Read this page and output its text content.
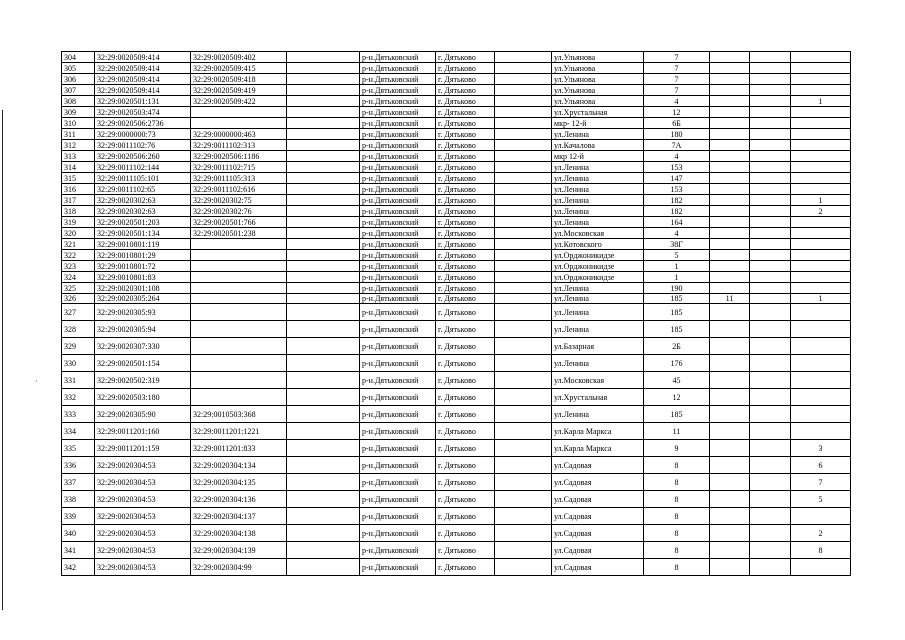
·
304	32:29:0020509:414	32:29:0020509:402		р-н.Дятьковский	г. Дятьково		ул.Ульянова	7			
305	32:29:0020509:414	32:29:0020509:415		р-н.Дятьковский	г. Дятьково		ул.Ульянова	7			
306	32:29:0020509:414	32:29:0020509:418		р-н.Дятьковский	г. Дятьково		ул.Ульянова	7			
307	32:29:0020509:414	32:29:0020509:419		р-н.Дятьковский	г. Дятьково		ул.Ульянова	7			
308	32:29:0020501:131	32:29:0020509:422		р-н.Дятьковский	г. Дятьково		ул.Ульянова	4			1
309	32:29:0020503:474			р-н.Дятьковский	г. Дятьково		ул.Хрустальная	12			
310	32:29:0020506:2736			р-н.Дятьковский	г. Дятьково		мкр- 12-й	6Б			
311	32:29:0000000:73	32:29:0000000:463		р-н.Дятьковский	г. Дятьково		ул.Ленина	180			
312	32:29:0011102:76	32:29:0011102:313		р-н.Дятьковский	г. Дятьково		ул.Качалова	7А			
313	32:29:0020506:260	32:29:0020506:1186		р-н.Дятьковский	г. Дятьково		мкр 12-й	4			
314	32:29:0011102:144	32:29:0011102:715		р-н.Дятьковский	г. Дятьково		ул.Ленина	153			
315	32:29:0011105:101	32:29:0011105:313		р-н.Дятьковский	г. Дятьково		ул.Ленина	147			
316	32:29:0011102:65	32:29:0011102:616		р-н.Дятьковский	г. Дятьково		ул.Ленина	153			
317	32:29:0020302:63	32:29:0020302:75		р-н.Дятьковский	г. Дятьково		ул.Ленина	182			1
318	32:29:0020302:63	32:29:0020302:76		р-н.Дятьковский	г. Дятьково		ул.Ленина	182			2
319	32:29:0020501:203	32:29:0020501:766		р-н.Дятьковский	г. Дятьково		ул.Ленина	164			
320	32:29:0020501:134	32:29:0020501:238		р-н.Дятьковский	г. Дятьково		ул.Московская	4			
321	32:29:0010801:119			р-н.Дятьковский	г. Дятьково		ул.Котовского	38Г			
322	32:29:0010801:29			р-н.Дятьковский	г. Дятьково		ул.Орджоникидзе	5			
323	32:29:0010801:72			р-н.Дятьковский	г. Дятьково		ул.Орджоникидзе	1			
324	32:29:0010801:83			р-н.Дятьковский	г. Дятьково		ул.Орджоникидзе	1			
325	32:29:0020301:108			р-н.Дятьковский	г. Дятьково		ул.Ленина	190			
326	32:29:0020305:264			р-н.Дятьковский	г. Дятьково		ул.Ленина	185	11		1
327	32:29:0020305:93			р-н.Дятьковский	г. Дятьково		ул.Ленина	185			
328	32:29:0020305:94			р-н.Дятьковский	г. Дятьково		ул.Ленина	185			
329	32:29:0020307:330			р-н.Дятьковский	г. Дятьково		ул.Базарная	2Б			
330	32:29:0020501:154			р-н.Дятьковский	г. Дятьково		ул.Ленина	176			
331	32:29:0020502:319			р-н.Дятьковский	г. Дятьково		ул.Московская	45			
332	32:29:0020503:180			р-н.Дятьковский	г. Дятьково		ул.Хрустальная	12			
333	32:29:0020305:90	32:29:0010503:368		р-н.Дятьковский	г. Дятьково		ул.Ленина	185			
334	32:29:0011201:160	32:29:0011201:1221		р-н.Дятьковский	г. Дятьково		ул.Карла Маркса	11			
335	32:29:0011201:159	32:29:0011201:833		р-н.Дятьковский	г. Дятьково		ул.Карла Маркса	9			3
336	32:29:0020304:53	32:29:0020304:134		р-н.Дятьковский	г. Дятьково		ул.Садовая	8			6
337	32:29:0020304:53	32:29:0020304:135		р-н.Дятьковский	г. Дятьково		ул.Садовая	8			7
338	32:29:0020304:53	32:29:0020304:136		р-н.Дятьковский	г. Дятьково		ул.Садовая	8			5
339	32:29:0020304:53	32:29:0020304:137		р-н.Дятьковский	г. Дятьково		ул.Садовая	8			
340	32:29:0020304:53	32:29:0020304:138		р-н.Дятьковский	г. Дятьково		ул.Садовая	8			2
341	32:29:0020304:53	32:29:0020304:139		р-н.Дятьковский	г. Дятьково		ул.Садовая	8			8
342	32:29:0020304:53	32:29:0020304:99		р-н.Дятьковский	г. Дятьково		ул.Садовая	8			
